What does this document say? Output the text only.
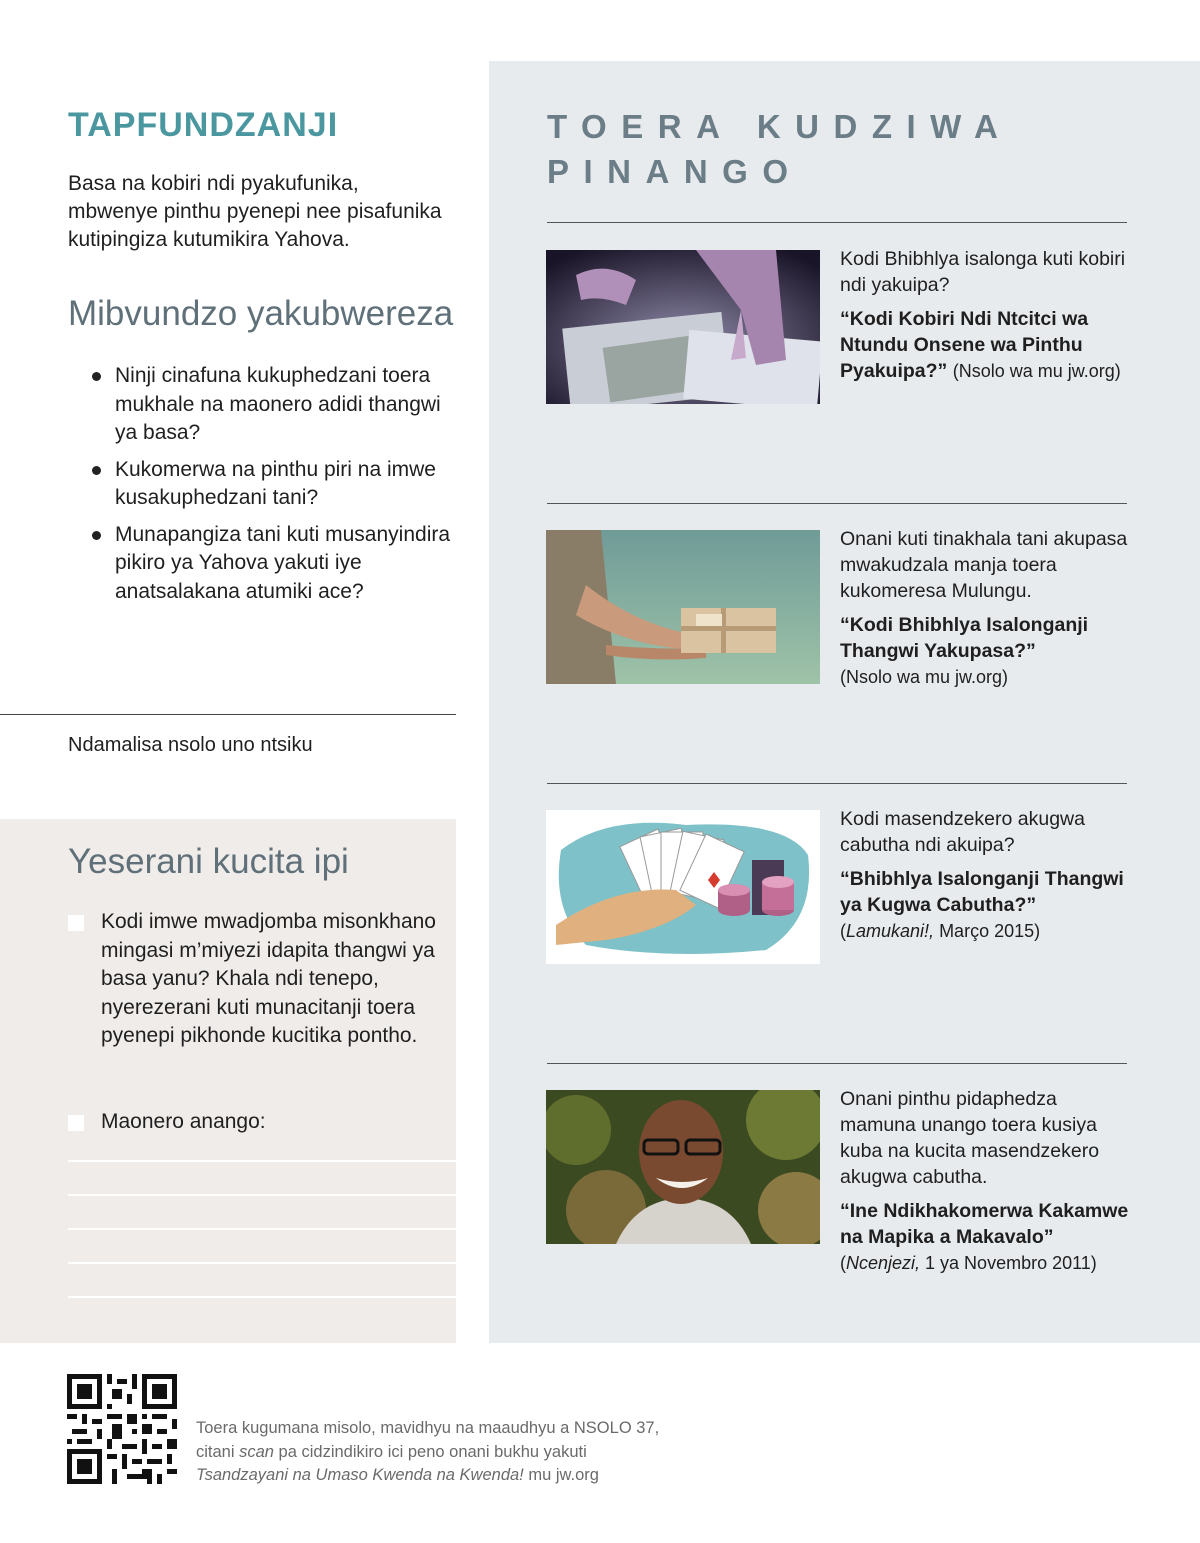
TAPFUNDZANJI

Basa na kobiri ndi pyakufunika, mbwenye pinthu pyenepi nee pisafunika kutipingiza kutumikira Yahova.

Mibvundzo yakubwereza
Ninji cinafuna kukuphedzani toera mukhale na maonero adidi thangwi ya basa?
Kukomerwa na pinthu piri na imwe kusakuphedzani tani?
Munapangiza tani kuti musanyindira pikiro ya Yahova yakuti iye anatsalakana atumiki ace?

Ndamalisa nsolo uno ntsiku

Yeserani kucita ipi

Kodi imwe mwadjomba misonkhano mingasi m’miyezi idapita thangwi ya basa yanu? Khala ndi tenepo, nyerezerani kuti munacitanji toera pyenepi pikhonde kucitika pontho.

Maonero anango:

TOERA KUDZIWA
PINANGO

Kodi Bhibhlya isalonga kuti kobiri ndi yakuipa?

“Kodi Kobiri Ndi Ntcitci wa Ntundu Onsene wa Pinthu Pyakuipa?” (Nsolo wa mu jw.org)

Onani kuti tinakhala tani akupasa mwakudzala manja toera kukomeresa Mulungu.

“Kodi Bhibhlya Isalonganji Thangwi Yakupasa?”
(Nsolo wa mu jw.org)

Kodi masendzekero akugwa cabutha ndi akuipa?

“Bhibhlya Isalonganji Thangwi ya Kugwa Cabutha?”
(Lamukani!, Março 2015)

Onani pinthu pidaphedza mamuna unango toera kusiya kuba na kucita masendzekero akugwa cabutha.

“Ine Ndikhakomerwa Kakamwe na Mapika a Makavalo”
(Ncenjezi, 1 ya Novembro 2011)

Toera kugumana misolo, mavidhyu na maaudhyu a NSOLO 37,
citani scan pa cidzindikiro ici peno onani bukhu yakuti
Tsandzayani na Umaso Kwenda na Kwenda! mu jw.org
